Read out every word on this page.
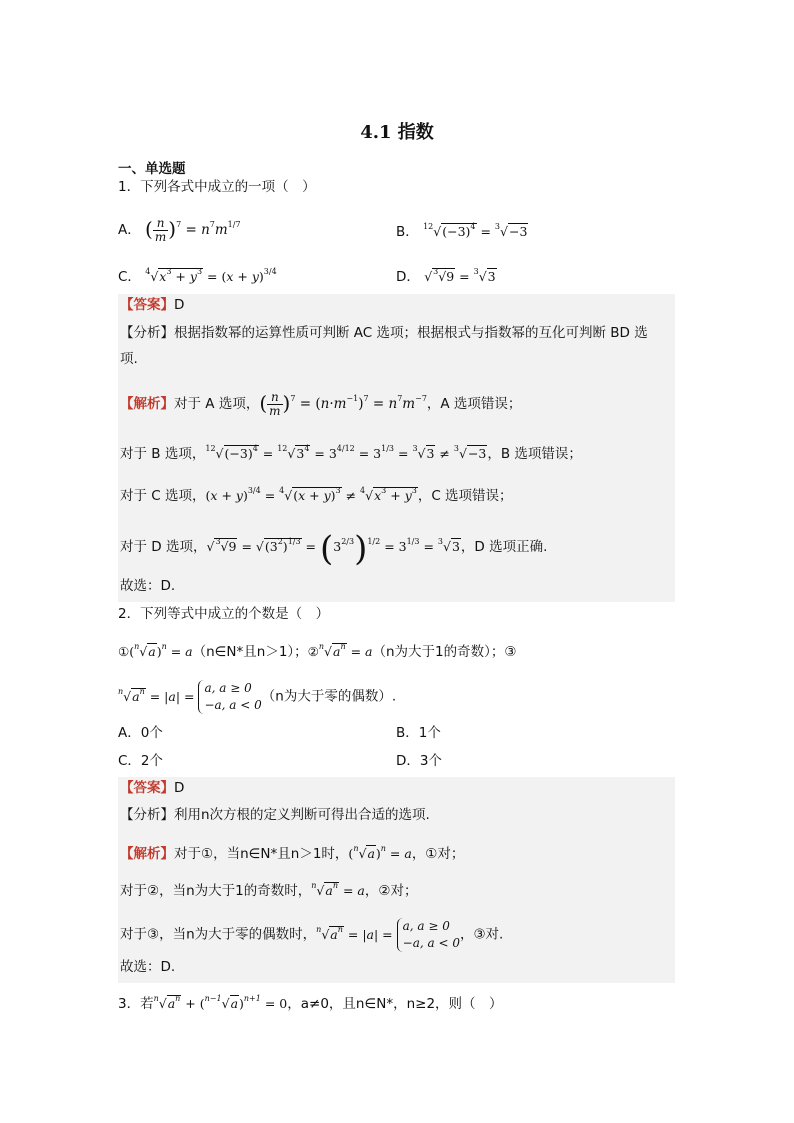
4.1 指数
一、单选题
1．下列各式中成立的一项（　）
A． ( $\frac{n}{m} )^7 = n^7m^{1/7}$	B． $^{12}√(-3)^4 = ^3√-3$
C． $^4√x^3 + y^3 = (x + y)^{3/4}$	D． √$^3$√9 = $^3$√3
【答案】D
【分析】根据指数幂的运算性质可判断 AC 选项；根据根式与指数幂的互化可判断 BD 选
项.
【解析】对于 A 选项，( $\frac{n}{m} )^7 = (n\cdot m^{-1})^7 = n^7m^{-7}$，A 选项错误；
对于 B 选项，$^{12}√(-3)^4 = ^{12}√3^4 = 3^{4/12} = 3^{1/3} = ^3√3 \ne ^3√-3$，B 选项错误；
对于 C 选项，$(x + y)^{3/4} = ^4√(x + y)^3 \ne ^4√x^3 + y^3$，C 选项错误；
对于 D 选项，$√^3√9 = √(3^2)^{1/3} = (3^{2/3})^{1/2} = 3^{1/3} = ^3√3$，D 选项正确.
故选：D.
2．下列等式中成立的个数是（　）
$①(^n√a)^n$ = a（n∈N*且n＞1）；$②^n√a^n = a(n$为大于1的奇数）；③
$^n√a^n = |a|$ =
a, a ≥ 0
−a, a < 0
（n为大于零的偶数）.
A．0个	B．1个
C．2个	D．3个
【答案】D
【分析】利用n次方根的定义判断可得出合适的选项.
【解析】对于①，当n∈N*且n＞1时，$(^n√a)^n = a$，①对；
对于②，当n为大于1的奇数时，$^n√a^n = a$，②对；
对于③，当n为大于零的偶数时，$^n√a^n = |a|$ =
a, a ≥ 0
−a, a < 0
，③对.
故选：D.
3．若$^n√a^n + (^{n-1}√a)^{n+1} = 0$，a≠0，且n∈N*，n≥2，则（　）
